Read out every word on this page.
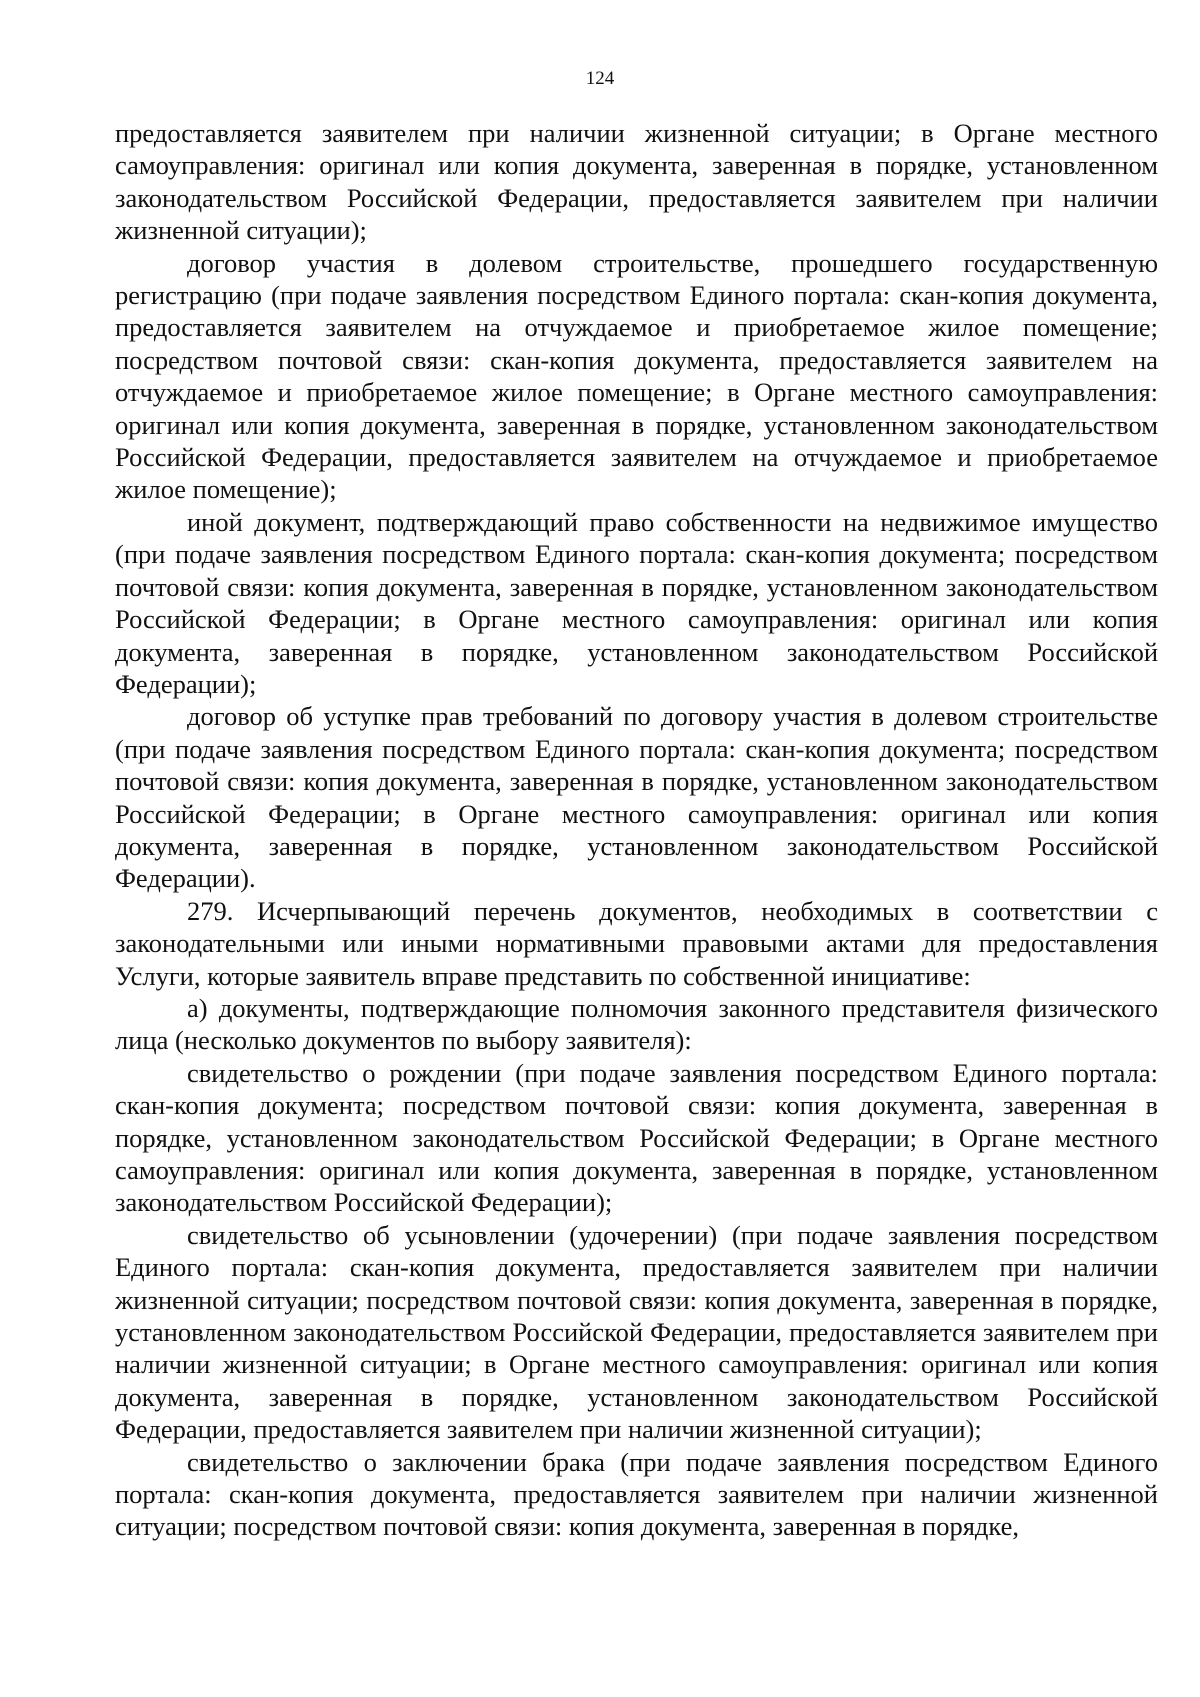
124

предоставляется заявителем при наличии жизненной ситуации; в Органе местного самоуправления: оригинал или копия документа, заверенная в порядке, установленном законодательством Российской Федерации, предоставляется заявителем при наличии жизненной ситуации);

договор участия в долевом строительстве, прошедшего государственную регистрацию (при подаче заявления посредством Единого портала: скан-копия документа, предоставляется заявителем на отчуждаемое и приобретаемое жилое помещение; посредством почтовой связи: скан-копия документа, предоставляется заявителем на отчуждаемое и приобретаемое жилое помещение; в Органе местного самоуправления: оригинал или копия документа, заверенная в порядке, установленном законодательством Российской Федерации, предоставляется заявителем на отчуждаемое и приобретаемое жилое помещение);

иной документ, подтверждающий право собственности на недвижимое имущество (при подаче заявления посредством Единого портала: скан-копия документа; посредством почтовой связи: копия документа, заверенная в порядке, установленном законодательством Российской Федерации; в Органе местного самоуправления: оригинал или копия документа, заверенная в порядке, установленном законодательством Российской Федерации);

договор об уступке прав требований по договору участия в долевом строительстве (при подаче заявления посредством Единого портала: скан-копия документа; посредством почтовой связи: копия документа, заверенная в порядке, установленном законодательством Российской Федерации; в Органе местного самоуправления: оригинал или копия документа, заверенная в порядке, установленном законодательством Российской Федерации).

279. Исчерпывающий перечень документов, необходимых в соответствии с законодательными или иными нормативными правовыми актами для предоставления Услуги, которые заявитель вправе представить по собственной инициативе:

а) документы, подтверждающие полномочия законного представителя физического лица (несколько документов по выбору заявителя):

свидетельство о рождении (при подаче заявления посредством Единого портала: скан-копия документа; посредством почтовой связи: копия документа, заверенная в порядке, установленном законодательством Российской Федерации; в Органе местного самоуправления: оригинал или копия документа, заверенная в порядке, установленном законодательством Российской Федерации);

свидетельство об усыновлении (удочерении) (при подаче заявления посредством Единого портала: скан-копия документа, предоставляется заявителем при наличии жизненной ситуации; посредством почтовой связи: копия документа, заверенная в порядке, установленном законодательством Российской Федерации, предоставляется заявителем при наличии жизненной ситуации; в Органе местного самоуправления: оригинал или копия документа, заверенная в порядке, установленном законодательством Российской Федерации, предоставляется заявителем при наличии жизненной ситуации);

свидетельство о заключении брака (при подаче заявления посредством Единого портала: скан-копия документа, предоставляется заявителем при наличии жизненной ситуации; посредством почтовой связи: копия документа, заверенная в порядке,
